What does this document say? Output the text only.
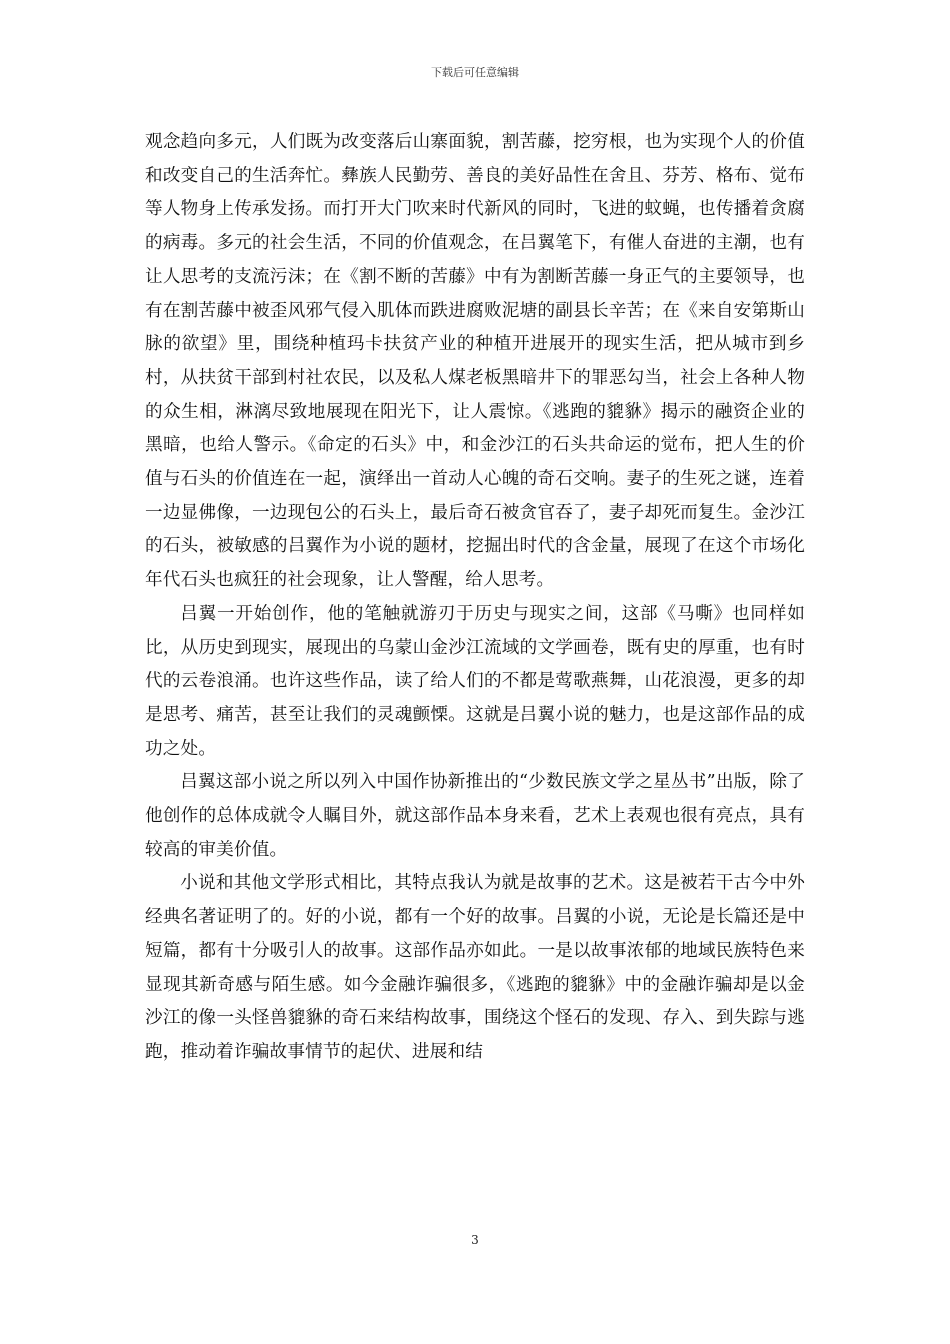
下载后可任意编辑

观念趋向多元，人们既为改变落后山寨面貌，割苦藤，挖穷根，也为实现个人的价值和改变自己的生活奔忙。彝族人民勤劳、善良的美好品性在舍且、芬芳、格布、觉布等人物身上传承发扬。而打开大门吹来时代新风的同时，飞进的蚊蝇，也传播着贪腐的病毒。多元的社会生活，不同的价值观念，在吕翼笔下，有催人奋进的主潮，也有让人思考的支流污沫；在《割不断的苦藤》中有为割断苦藤一身正气的主要领导，也有在割苦藤中被歪风邪气侵入肌体而跌进腐败泥塘的副县长辛苦；在《来自安第斯山脉的欲望》里，围绕种植玛卡扶贫产业的种植开进展开的现实生活，把从城市到乡村，从扶贫干部到村社农民，以及私人煤老板黑暗井下的罪恶勾当，社会上各种人物的众生相，淋漓尽致地展现在阳光下，让人震惊。《逃跑的貔貅》揭示的融资企业的黑暗，也给人警示。《命定的石头》中，和金沙江的石头共命运的觉布，把人生的价值与石头的价值连在一起，演绎出一首动人心魄的奇石交响。妻子的生死之谜，连着一边显佛像，一边现包公的石头上，最后奇石被贪官吞了，妻子却死而复生。金沙江的石头，被敏感的吕翼作为小说的题材，挖掘出时代的含金量，展现了在这个市场化年代石头也疯狂的社会现象，让人警醒，给人思考。

吕翼一开始创作，他的笔触就游刃于历史与现实之间，这部《马嘶》也同样如比，从历史到现实，展现出的乌蒙山金沙江流域的文学画卷，既有史的厚重，也有时代的云卷浪涌。也许这些作品，读了给人们的不都是莺歌燕舞，山花浪漫，更多的却是思考、痛苦，甚至让我们的灵魂颤慄。这就是吕翼小说的魅力，也是这部作品的成功之处。

吕翼这部小说之所以列入中国作协新推出的“少数民族文学之星丛书”出版，除了他创作的总体成就令人瞩目外，就这部作品本身来看，艺术上表观也很有亮点，具有较高的审美价值。

小说和其他文学形式相比，其特点我认为就是故事的艺术。这是被若干古今中外经典名著证明了的。好的小说，都有一个好的故事。吕翼的小说，无论是长篇还是中短篇，都有十分吸引人的故事。这部作品亦如此。一是以故事浓郁的地域民族特色来显现其新奇感与陌生感。如今金融诈骗很多，《逃跑的貔貅》中的金融诈骗却是以金沙江的像一头怪兽貔貅的奇石来结构故事，围绕这个怪石的发现、存入、到失踪与逃跑，推动着诈骗故事情节的起伏、进展和结

3
